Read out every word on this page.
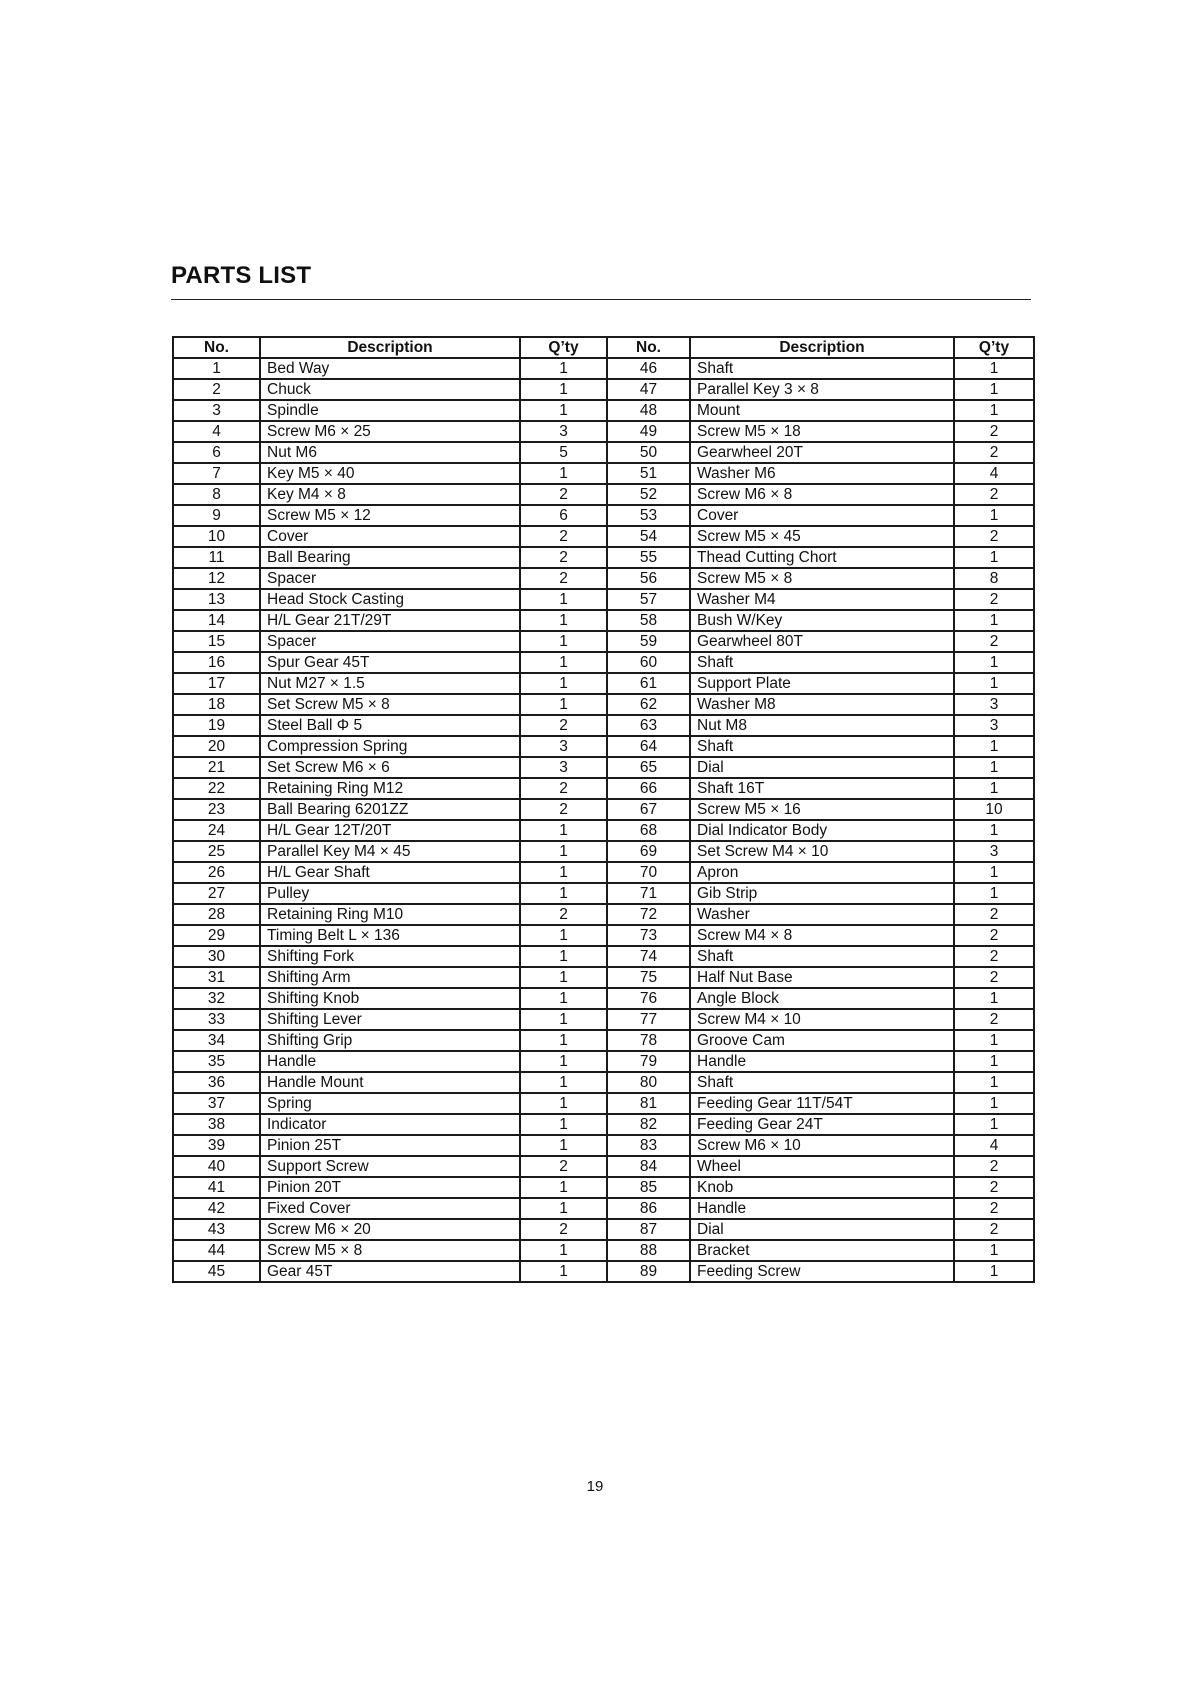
PARTS LIST
No.	Description	Q’ty	No.	Description	Q’ty
1	Bed Way	1	46	Shaft	1
2	Chuck	1	47	Parallel Key 3 × 8	1
3	Spindle	1	48	Mount	1
4	Screw M6 × 25	3	49	Screw M5 × 18	2
6	Nut M6	5	50	Gearwheel 20T	2
7	Key M5 × 40	1	51	Washer M6	4
8	Key M4 × 8	2	52	Screw M6 × 8	2
9	Screw M5 × 12	6	53	Cover	1
10	Cover	2	54	Screw M5 × 45	2
11	Ball Bearing	2	55	Thead Cutting Chort	1
12	Spacer	2	56	Screw M5 × 8	8
13	Head Stock Casting	1	57	Washer M4	2
14	H/L Gear 21T/29T	1	58	Bush W/Key	1
15	Spacer	1	59	Gearwheel 80T	2
16	Spur Gear 45T	1	60	Shaft	1
17	Nut M27 × 1.5	1	61	Support Plate	1
18	Set Screw M5 × 8	1	62	Washer M8	3
19	Steel Ball Φ 5	2	63	Nut M8	3
20	Compression Spring	3	64	Shaft	1
21	Set Screw M6 × 6	3	65	Dial	1
22	Retaining Ring M12	2	66	Shaft 16T	1
23	Ball Bearing 6201ZZ	2	67	Screw M5 × 16	10
24	H/L Gear 12T/20T	1	68	Dial Indicator Body	1
25	Parallel Key M4 × 45	1	69	Set Screw M4 × 10	3
26	H/L Gear Shaft	1	70	Apron	1
27	Pulley	1	71	Gib Strip	1
28	Retaining Ring M10	2	72	Washer	2
29	Timing Belt L × 136	1	73	Screw M4 × 8	2
30	Shifting Fork	1	74	Shaft	2
31	Shifting Arm	1	75	Half Nut Base	2
32	Shifting Knob	1	76	Angle Block	1
33	Shifting Lever	1	77	Screw M4 × 10	2
34	Shifting Grip	1	78	Groove Cam	1
35	Handle	1	79	Handle	1
36	Handle Mount	1	80	Shaft	1
37	Spring	1	81	Feeding Gear 11T/54T	1
38	Indicator	1	82	Feeding Gear 24T	1
39	Pinion 25T	1	83	Screw M6 × 10	4
40	Support Screw	2	84	Wheel	2
41	Pinion 20T	1	85	Knob	2
42	Fixed Cover	1	86	Handle	2
43	Screw M6 × 20	2	87	Dial	2
44	Screw M5 × 8	1	88	Bracket	1
45	Gear 45T	1	89	Feeding Screw	1
19
